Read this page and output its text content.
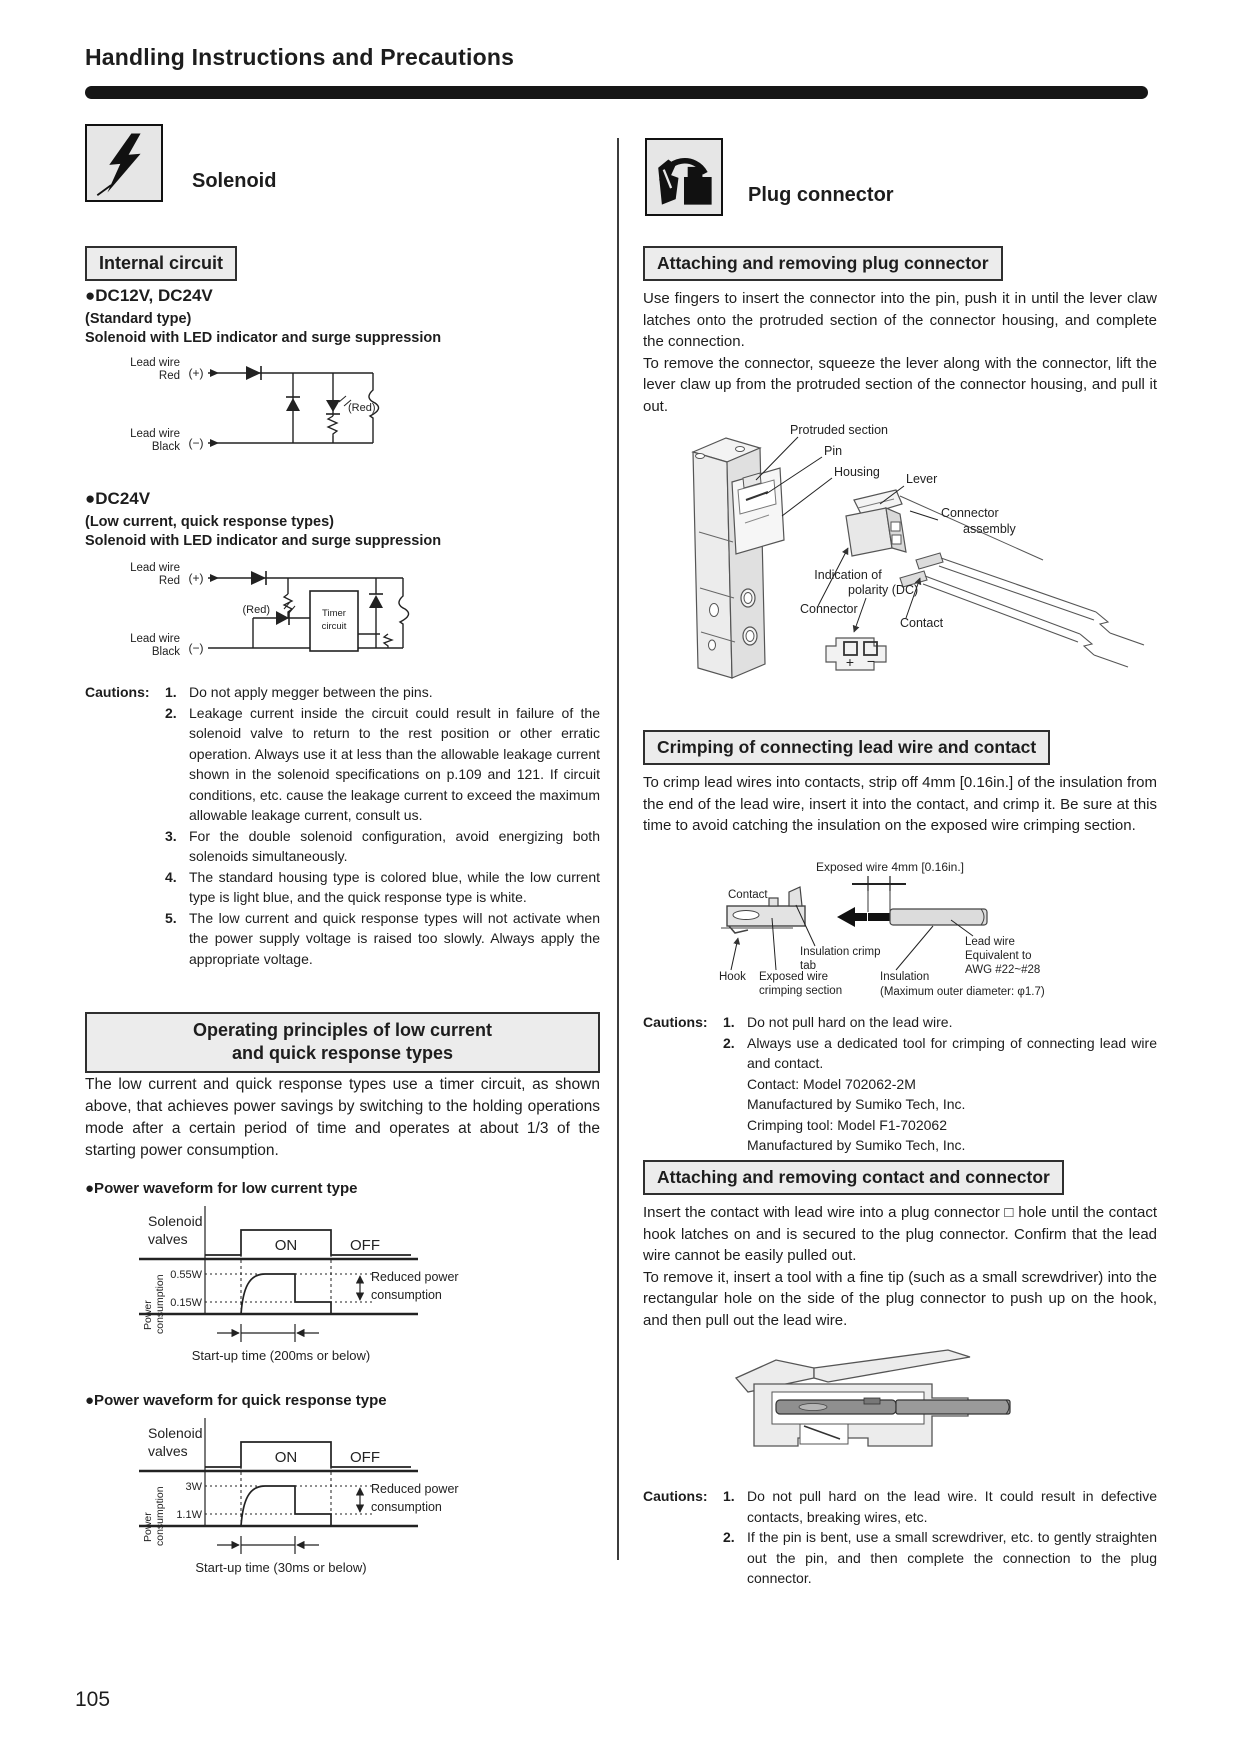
Handling Instructions and Precautions
Solenoid
Internal circuit
●DC12V, DC24V
(Standard type)
Solenoid with LED indicator and surge suppression
Lead wire
Red (+)
(Red)
Lead wire
Black (−)
●DC24V
(Low current, quick response types)
Solenoid with LED indicator and surge suppression
Lead wire
Red (+)
(Red)	Timer
circuit
Lead wire
Black (−)
Cautions:	1. Do not apply megger between the pins.
2. Leakage current inside the circuit could result in failure of the solenoid valve to return to the rest position or other erratic operation. Always use it at less than the allowable leakage current shown in the solenoid specifications on p.109 and 121. If circuit conditions, etc. cause the leakage current to exceed the maximum allowable leakage current, consult us.
3. For the double solenoid configuration, avoid energizing both solenoids simultaneously.
4. The standard housing type is colored blue, while the low current type is light blue, and the quick response type is white.
5. The low current and quick response types will not activate when the power supply voltage is raised too slowly. Always apply the appropriate voltage.
Operating principles of low current
and quick response types
The low current and quick response types use a timer circuit, as shown above, that achieves power savings by switching to the holding operations mode after a certain period of time and operates at about 1/3 of the starting power consumption.
●Power waveform for low current type
Solenoid
valves	ON	OFF
Power consumption 0.55W
0.15W
Reduced power
consumption
Start-up time (200ms or below)
●Power waveform for quick response type
Solenoid
valves	ON	OFF
Power consumption 3W
1.1W
Reduced power
consumption
Start-up time (30ms or below)
Plug connector
Attaching and removing plug connector
Use fingers to insert the connector into the pin, push it in until the lever claw latches onto the protruded section of the connector housing, and complete the connection.
To remove the connector, squeeze the lever along with the connector, lift the lever claw up from the protruded section of the connector housing, and pull it out.
Protruded section
Pin
Housing Lever
Connector
assembly
Indication of
polarity (DC)
Connector
Contact
+ −
Crimping of connecting lead wire and contact
To crimp lead wires into contacts, strip off 4mm [0.16in.] of the insulation from the end of the lead wire, insert it into the contact, and crimp it. Be sure at this time to avoid catching the insulation on the exposed wire crimping section.
Exposed wire 4mm [0.16in.]
Contact
Lead wire
Equivalent to
AWG #22~#28
Insulation
(Maximum outer diameter: φ1.7)
Insulation crimp
tab
Hook Exposed wire
crimping section
Cautions:	1. Do not pull hard on the lead wire.
2. Always use a dedicated tool for crimping of connecting lead wire and contact.
Contact: Model 702062-2M
Manufactured by Sumiko Tech, Inc.
Crimping tool: Model F1-702062
Manufactured by Sumiko Tech, Inc.
Attaching and removing contact and connector
Insert the contact with lead wire into a plug connector □ hole until the contact hook latches on and is secured to the plug connector. Confirm that the lead wire cannot be easily pulled out.
To remove it, insert a tool with a fine tip (such as a small screwdriver) into the rectangular hole on the side of the plug connector to push up on the hook, and then pull out the lead wire.
Cautions:	1. Do not pull hard on the lead wire. It could result in defective contacts, breaking wires, etc.
2. If the pin is bent, use a small screwdriver, etc. to gently straighten out the pin, and then complete the connection to the plug connector.
105
